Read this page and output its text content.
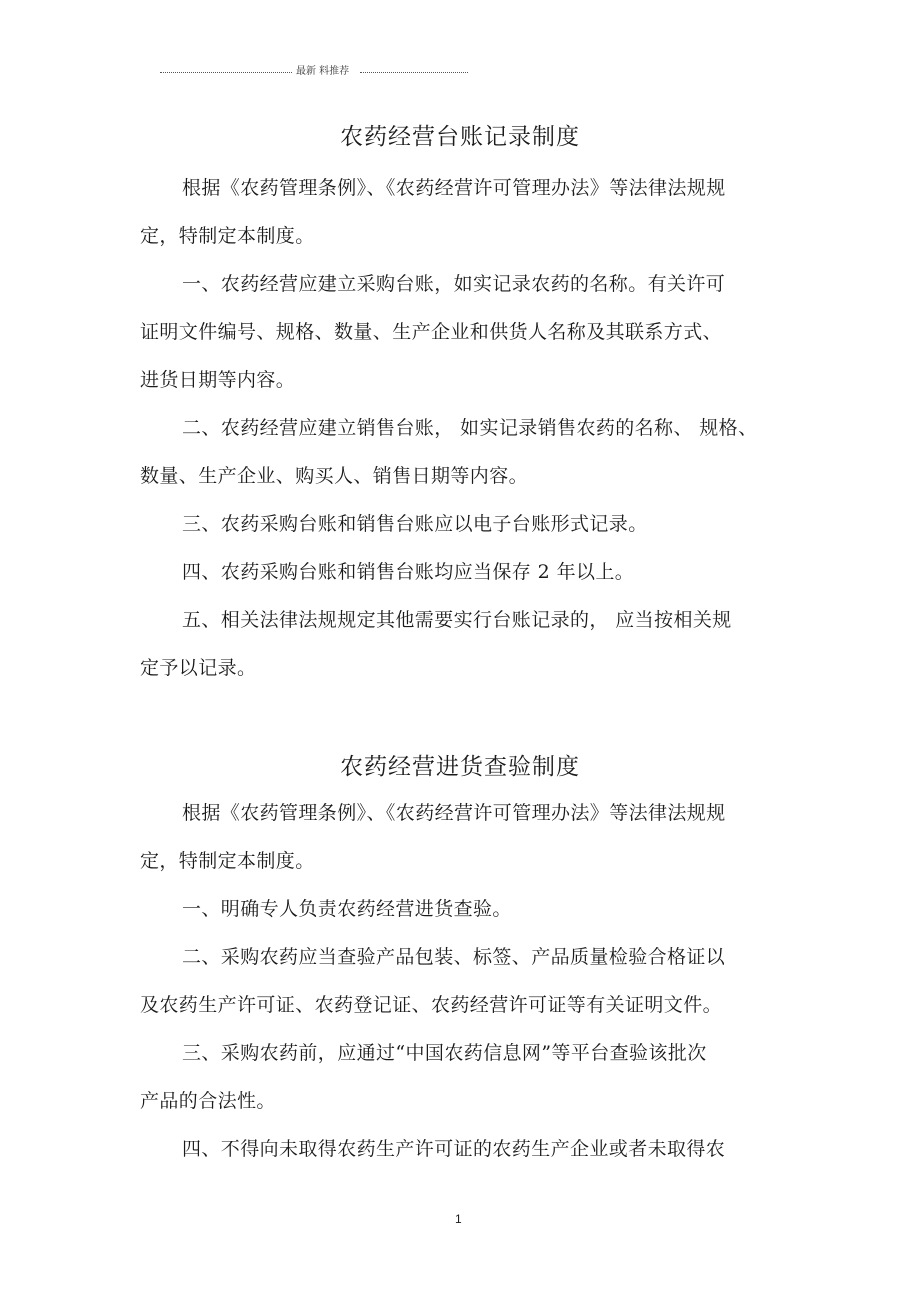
最新 料推荐
农药经营台账记录制度
根据《农药管理条例》、《农药经营许可管理办法》等法律法规规
定，特制定本制度。
一、农药经营应建立采购台账，如实记录农药的名称。有关许可
证明文件编号、规格、数量、生产企业和供货人名称及其联系方式、
进货日期等内容。
二、农药经营应建立销售台账， 如实记录销售农药的名称、 规格、
数量、生产企业、购买人、销售日期等内容。
三、农药采购台账和销售台账应以电子台账形式记录。
四、农药采购台账和销售台账均应当保存 2 年以上。
五、相关法律法规规定其他需要实行台账记录的， 应当按相关规
定予以记录。
农药经营进货查验制度
根据《农药管理条例》、《农药经营许可管理办法》等法律法规规
定，特制定本制度。
一、明确专人负责农药经营进货查验。
二、采购农药应当查验产品包装、标签、产品质量检验合格证以
及农药生产许可证、农药登记证、农药经营许可证等有关证明文件。
三、采购农药前，应通过“中国农药信息网”等平台查验该批次
产品的合法性。
四、不得向未取得农药生产许可证的农药生产企业或者未取得农
1
